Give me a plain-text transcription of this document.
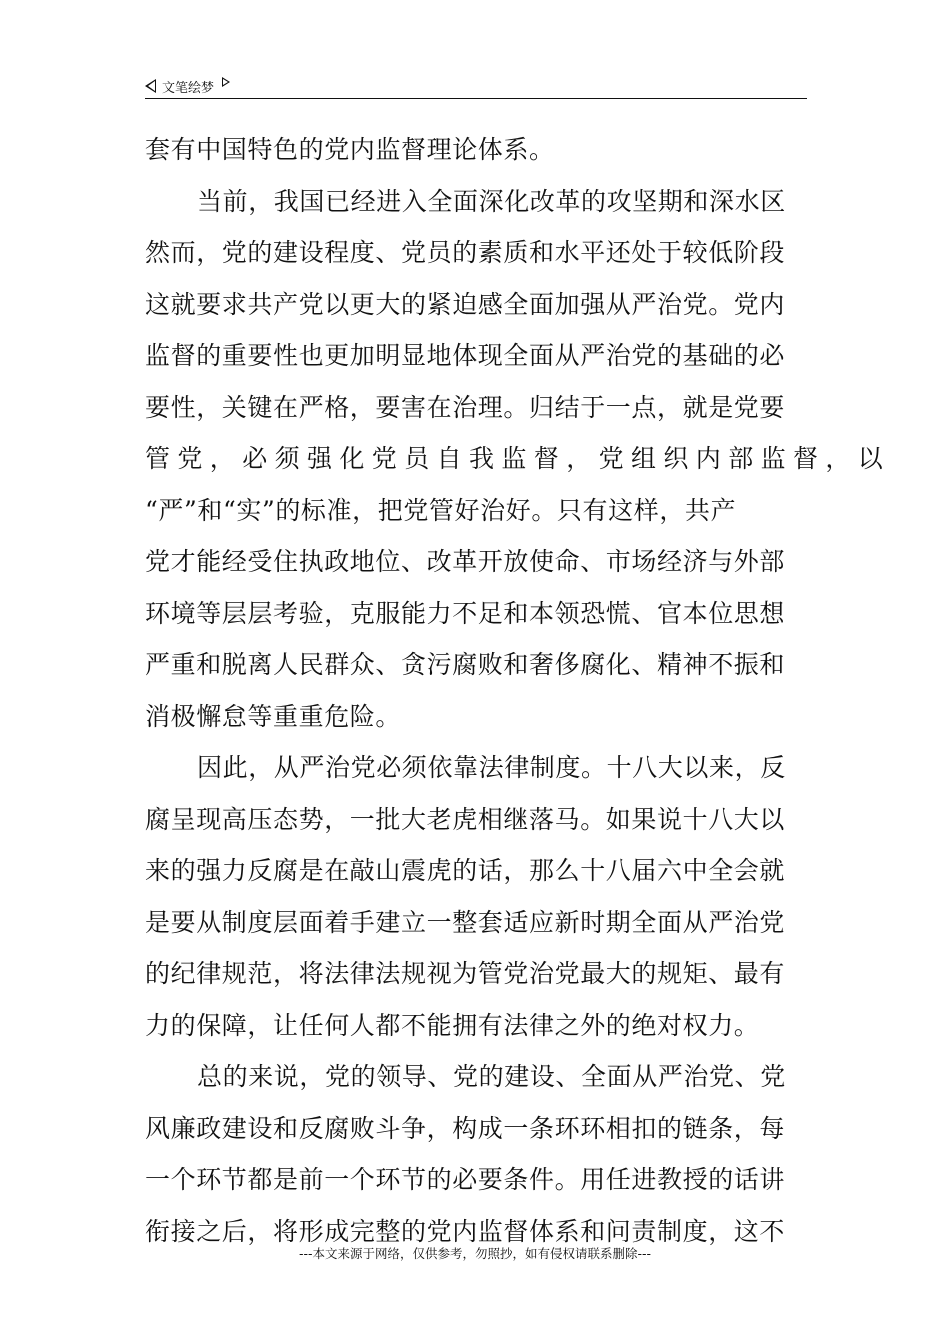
文笔绘梦
套有中国特色的党内监督理论体系。
当前，我国已经进入全面深化改革的攻坚期和深水区
然而，党的建设程度、党员的素质和水平还处于较低阶段
这就要求共产党以更大的紧迫感全面加强从严治党。党内
监督的重要性也更加明显地体现全面从严治党的基础的必
要性，关键在严格，要害在治理。归结于一点，就是党要
管党，必须强化党员自我监督，党组织内部监督，以
“严”和“实”的标准，把党管好治好。只有这样，共产
党才能经受住执政地位、改革开放使命、市场经济与外部
环境等层层考验，克服能力不足和本领恐慌、官本位思想
严重和脱离人民群众、贪污腐败和奢侈腐化、精神不振和
消极懈怠等重重危险。
因此，从严治党必须依靠法律制度。十八大以来，反
腐呈现高压态势，一批大老虎相继落马。如果说十八大以
来的强力反腐是在敲山震虎的话，那么十八届六中全会就
是要从制度层面着手建立一整套适应新时期全面从严治党
的纪律规范，将法律法规视为管党治党最大的规矩、最有
力的保障，让任何人都不能拥有法律之外的绝对权力。
总的来说，党的领导、党的建设、全面从严治党、党
风廉政建设和反腐败斗争，构成一条环环相扣的链条，每
一个环节都是前一个环节的必要条件。用任进教授的话讲
衔接之后，将形成完整的党内监督体系和问责制度，这不
---本文来源于网络，仅供参考，勿照抄，如有侵权请联系删除---
